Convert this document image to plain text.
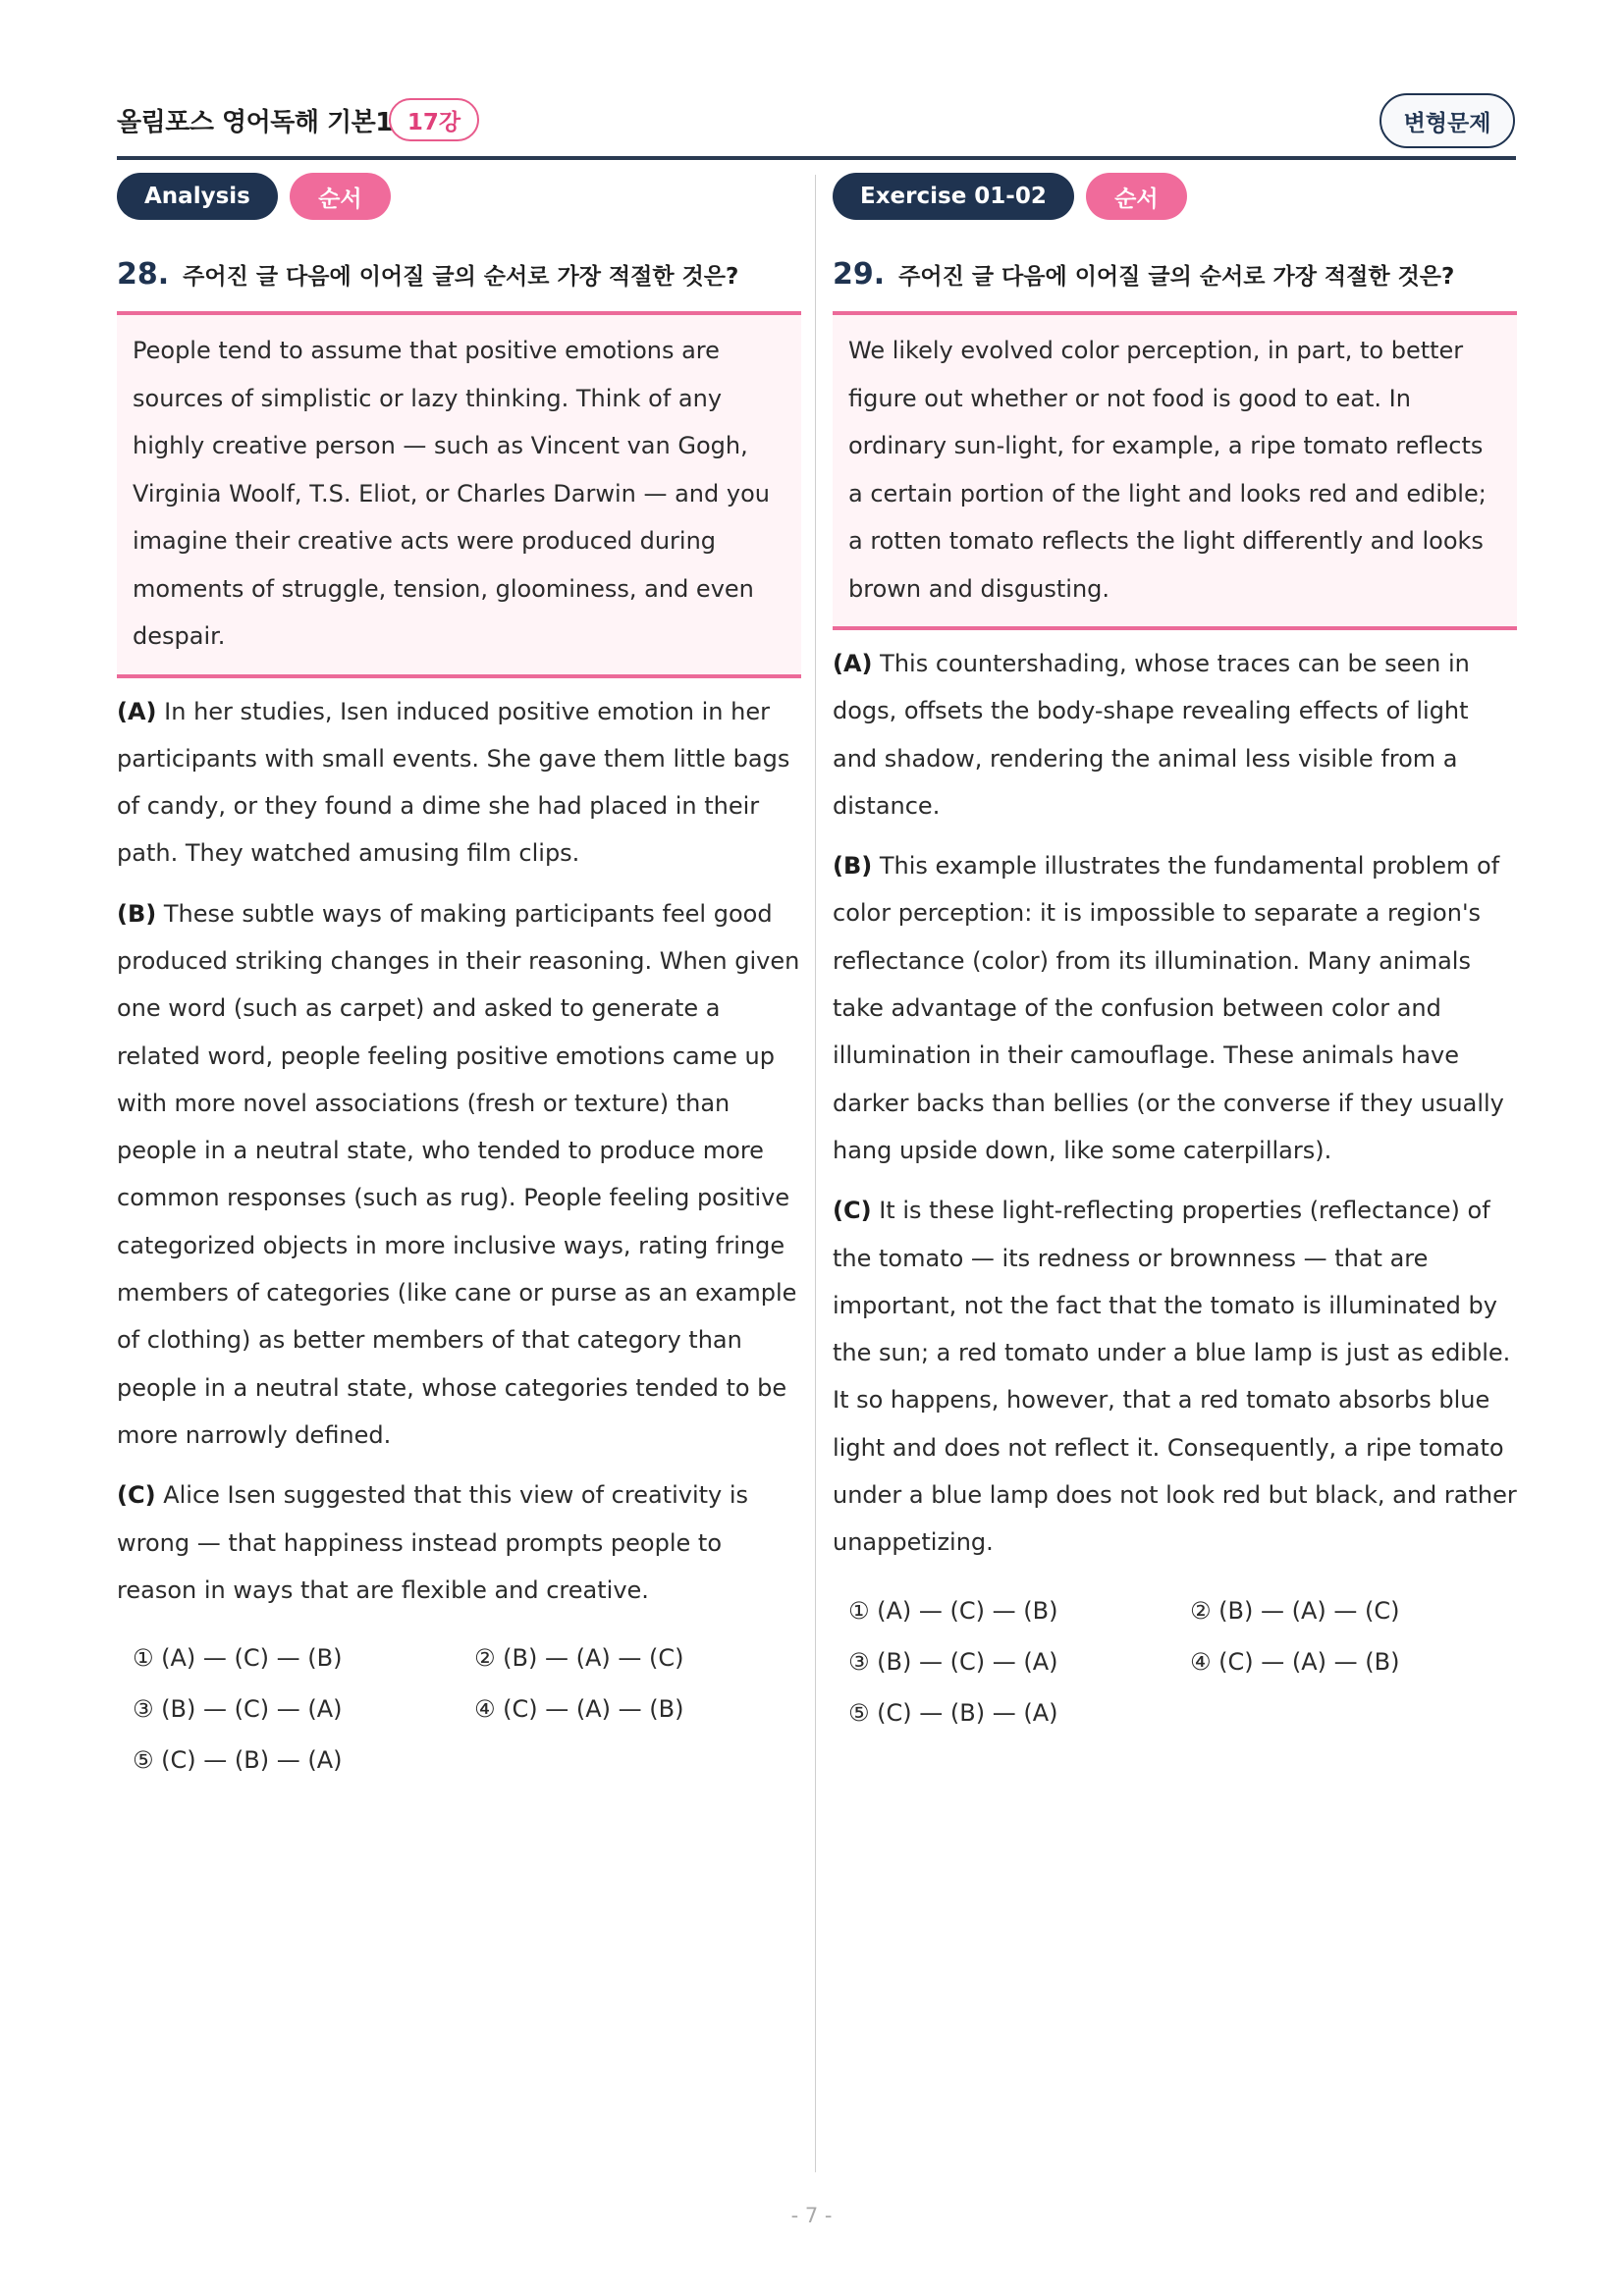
올림포스 영어독해 기본1 17강	변형문제
Analysis	순서
28. 주어진 글 다음에 이어질 글의 순서로 가장 적절한 것은?
People tend to assume that positive emotions are sources of simplistic or lazy thinking. Think of any highly creative person — such as Vincent van Gogh, Virginia Woolf, T.S. Eliot, or Charles Darwin — and you imagine their creative acts were produced during moments of struggle, tension, gloominess, and even despair.
(A) In her studies, Isen induced positive emotion in her participants with small events. She gave them little bags of candy, or they found a dime she had placed in their path. They watched amusing film clips.
(B) These subtle ways of making participants feel good produced striking changes in their reasoning. When given one word (such as carpet) and asked to generate a related word, people feeling positive emotions came up with more novel associations (fresh or texture) than people in a neutral state, who tended to produce more common responses (such as rug). People feeling positive categorized objects in more inclusive ways, rating fringe members of categories (like cane or purse as an example of clothing) as better members of that category than people in a neutral state, whose categories tended to be more narrowly defined.
(C) Alice Isen suggested that this view of creativity is wrong — that happiness instead prompts people to reason in ways that are flexible and creative.
① (A) — (C) — (B)	② (B) — (A) — (C)
③ (B) — (C) — (A)	④ (C) — (A) — (B)
⑤ (C) — (B) — (A)
Exercise 01-02	순서
29. 주어진 글 다음에 이어질 글의 순서로 가장 적절한 것은?
We likely evolved color perception, in part, to better figure out whether or not food is good to eat. In ordinary sun-light, for example, a ripe tomato reflects a certain portion of the light and looks red and edible; a rotten tomato reflects the light differently and looks brown and disgusting.
(A) This countershading, whose traces can be seen in dogs, offsets the body-shape revealing effects of light and shadow, rendering the animal less visible from a distance.
(B) This example illustrates the fundamental problem of color perception: it is impossible to separate a region's reflectance (color) from its illumination. Many animals take advantage of the confusion between color and illumination in their camouflage. These animals have darker backs than bellies (or the converse if they usually hang upside down, like some caterpillars).
(C) It is these light-reflecting properties (reflectance) of the tomato — its redness or brownness — that are important, not the fact that the tomato is illuminated by the sun; a red tomato under a blue lamp is just as edible. It so happens, however, that a red tomato absorbs blue light and does not reflect it. Consequently, a ripe tomato under a blue lamp does not look red but black, and rather unappetizing.
① (A) — (C) — (B)	② (B) — (A) — (C)
③ (B) — (C) — (A)	④ (C) — (A) — (B)
⑤ (C) — (B) — (A)
- 7 -
